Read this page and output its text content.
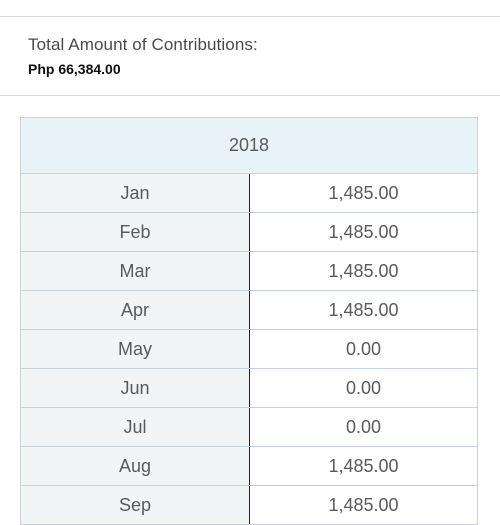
Total Amount of Contributions:
Php 66,384.00
2018
Jan	1,485.00
Feb	1,485.00
Mar	1,485.00
Apr	1,485.00
May	0.00
Jun	0.00
Jul	0.00
Aug	1,485.00
Sep	1,485.00
